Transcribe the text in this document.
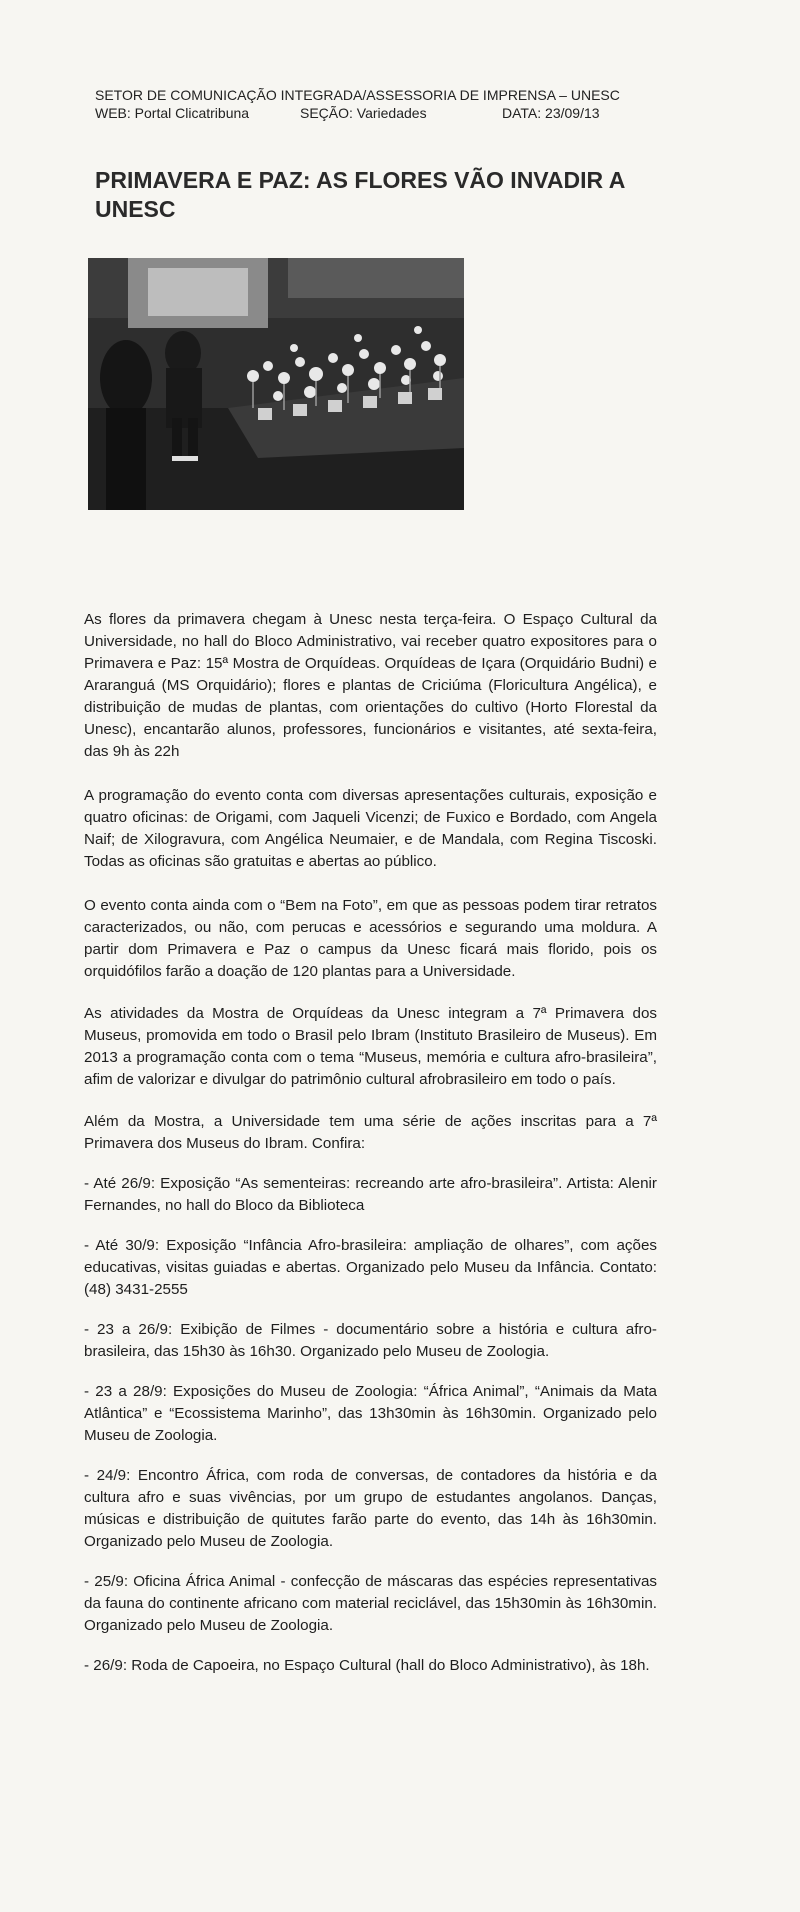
SETOR DE COMUNICAÇÃO INTEGRADA/ASSESSORIA DE IMPRENSA – UNESC
WEB: Portal Clicatribuna	SEÇÃO: Variedades	DATA: 23/09/13
PRIMAVERA E PAZ: AS FLORES VÃO INVADIR A UNESC

As flores da primavera chegam à Unesc nesta terça-feira. O Espaço Cultural da Universidade, no hall do Bloco Administrativo, vai receber quatro expositores para o Primavera e Paz: 15ª Mostra de Orquídeas. Orquídeas de Içara (Orquidário Budni) e Araranguá (MS Orquidário); flores e plantas de Criciúma (Floricultura Angélica), e distribuição de mudas de plantas, com orientações do cultivo (Horto Florestal da Unesc), encantarão alunos, professores, funcionários e visitantes, até sexta-feira, das 9h às 22h

A programação do evento conta com diversas apresentações culturais, exposição e quatro oficinas: de Origami, com Jaqueli Vicenzi; de Fuxico e Bordado, com Angela Naif; de Xilogravura, com Angélica Neumaier, e de Mandala, com Regina Tiscoski. Todas as oficinas são gratuitas e abertas ao público.

O evento conta ainda com o “Bem na Foto”, em que as pessoas podem tirar retratos caracterizados, ou não, com perucas e acessórios e segurando uma moldura. A partir dom Primavera e Paz o campus da Unesc ficará mais florido, pois os orquidófilos farão a doação de 120 plantas para a Universidade.

As atividades da Mostra de Orquídeas da Unesc integram a 7ª Primavera dos Museus, promovida em todo o Brasil pelo Ibram (Instituto Brasileiro de Museus). Em 2013 a programação conta com o tema “Museus, memória e cultura afro-brasileira”, afim de valorizar e divulgar do patrimônio cultural afrobrasileiro em todo o país.

Além da Mostra, a Universidade tem uma série de ações inscritas para a 7ª Primavera dos Museus do Ibram. Confira:

- Até 26/9: Exposição “As sementeiras: recreando arte afro-brasileira”. Artista: Alenir Fernandes, no hall do Bloco da Biblioteca

- Até 30/9: Exposição “Infância Afro-brasileira: ampliação de olhares”, com ações educativas, visitas guiadas e abertas. Organizado pelo Museu da Infância. Contato: (48) 3431-2555

- 23 a 26/9: Exibição de Filmes - documentário sobre a história e cultura afro-brasileira, das 15h30 às 16h30. Organizado pelo Museu de Zoologia.

- 23 a 28/9: Exposições do Museu de Zoologia: “África Animal”, “Animais da Mata Atlântica” e “Ecossistema Marinho”, das 13h30min às 16h30min. Organizado pelo Museu de Zoologia.

- 24/9: Encontro África, com roda de conversas, de contadores da história e da cultura afro e suas vivências, por um grupo de estudantes angolanos. Danças, músicas e distribuição de quitutes farão parte do evento, das 14h às 16h30min. Organizado pelo Museu de Zoologia.

- 25/9: Oficina África Animal - confecção de máscaras das espécies representativas da fauna do continente africano com material reciclável, das 15h30min às 16h30min. Organizado pelo Museu de Zoologia.

- 26/9: Roda de Capoeira, no Espaço Cultural (hall do Bloco Administrativo), às 18h.
